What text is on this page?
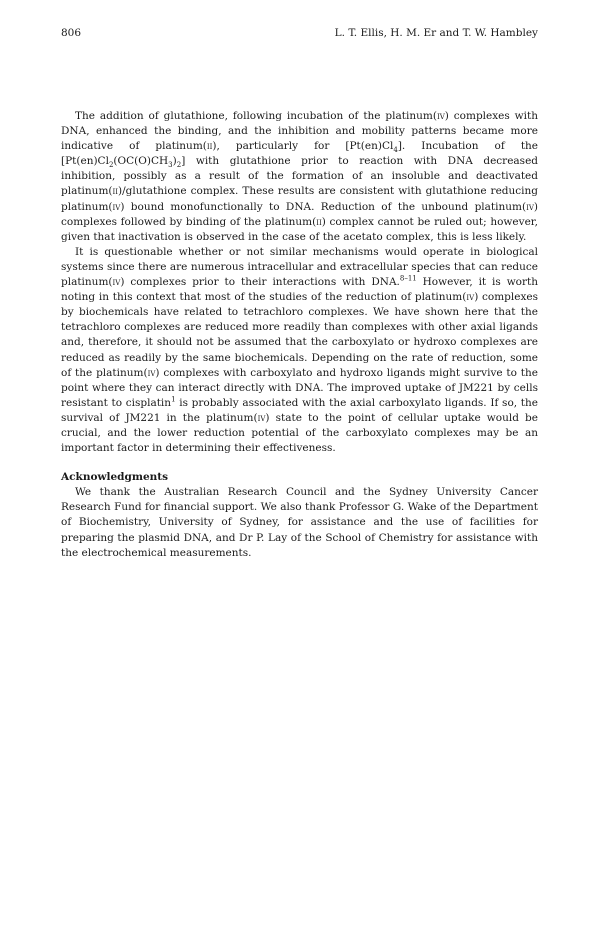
806	L. T. Ellis, H. M. Er and T. W. Hambley

The addition of glutathione, following incubation of the platinum(iv) complexes with DNA, enhanced the binding, and the inhibition and mobility patterns became more indicative of platinum(ii), particularly for $[Pt(en)Cl_4]$. Incubation of the $[Pt(en)Cl_2(OC(O)CH_3)_2]$ with glutathione prior to reaction with DNA decreased inhibition, possibly as a result of the formation of an insoluble and deactivated platinum(ii)/glutathione complex. These results are consistent with glutathione reducing platinum(iv) bound monofunctionally to DNA. Reduction of the unbound platinum(iv) complexes followed by binding of the platinum(ii) complex cannot be ruled out; however, given that inactivation is observed in the case of the acetato complex, this is less likely.

It is questionable whether or not similar mechanisms would operate in biological systems since there are numerous intracellular and extracellular species that can reduce platinum(iv) complexes prior to their interactions with DNA.$^{8-11}$ However, it is worth noting in this context that most of the studies of the reduction of platinum(iv) complexes by biochemicals have related to tetrachloro complexes. We have shown here that the tetrachloro complexes are reduced more readily than complexes with other axial ligands and, therefore, it should not be assumed that the carboxylato or hydroxo complexes are reduced as readily by the same biochemicals. Depending on the rate of reduction, some of the platinum(iv) complexes with carboxylato and hydroxo ligands might survive to the point where they can interact directly with DNA. The improved uptake of JM221 by cells resistant to cisplatin$^1$ is probably associated with the axial carboxylato ligands. If so, the survival of JM221 in the platinum(iv) state to the point of cellular uptake would be crucial, and the lower reduction potential of the carboxylato complexes may be an important factor in determining their effectiveness.

Acknowledgments

We thank the Australian Research Council and the Sydney University Cancer Research Fund for financial support. We also thank Professor G. Wake of the Department of Biochemistry, University of Sydney, for assistance and the use of facilities for preparing the plasmid DNA, and Dr P. Lay of the School of Chemistry for assistance with the electrochemical measurements.
